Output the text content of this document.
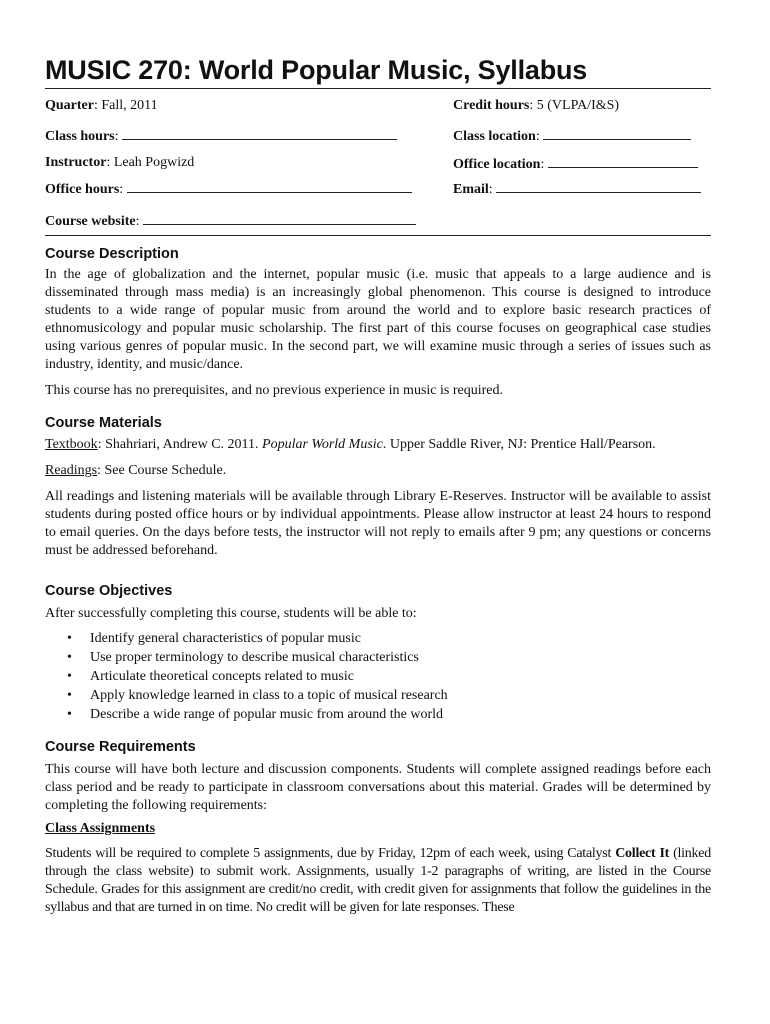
MUSIC 270: World Popular Music, Syllabus
Quarter: Fall, 2011	Credit hours: 5 (VLPA/I&S)
Class hours:	Class location:
Instructor: Leah Pogwizd	Office location:
Office hours:	Email:
Course website:
Course Description

In the age of globalization and the internet, popular music (i.e. music that appeals to a large audience and is disseminated through mass media) is an increasingly global phenomenon. This course is designed to introduce students to a wide range of popular music from around the world and to explore basic research practices of ethnomusicology and popular music scholarship. The first part of this course focuses on geographical case studies using various genres of popular music. In the second part, we will examine music through a series of issues such as industry, identity, and music/dance.

This course has no prerequisites, and no previous experience in music is required.

Course Materials

Textbook: Shahriari, Andrew C. 2011. Popular World Music. Upper Saddle River, NJ: Prentice Hall/Pearson.

Readings: See Course Schedule.

All readings and listening materials will be available through Library E-Reserves. Instructor will be available to assist students during posted office hours or by individual appointments. Please allow instructor at least 24 hours to respond to email queries. On the days before tests, the instructor will not reply to emails after 9 pm; any questions or concerns must be addressed beforehand.

Course Objectives

After successfully completing this course, students will be able to:

• Identify general characteristics of popular music
• Use proper terminology to describe musical characteristics
• Articulate theoretical concepts related to music
• Apply knowledge learned in class to a topic of musical research
• Describe a wide range of popular music from around the world
Course Requirements

This course will have both lecture and discussion components. Students will complete assigned readings before each class period and be ready to participate in classroom conversations about this material. Grades will be determined by completing the following requirements:

Class Assignments

Students will be required to complete 5 assignments, due by Friday, 12pm of each week, using Catalyst Collect It (linked through the class website) to submit work. Assignments, usually 1-2 paragraphs of writing, are listed in the Course Schedule. Grades for this assignment are credit/no credit, with credit given for assignments that follow the guidelines in the syllabus and that are turned in on time. No credit will be given for late responses. These
